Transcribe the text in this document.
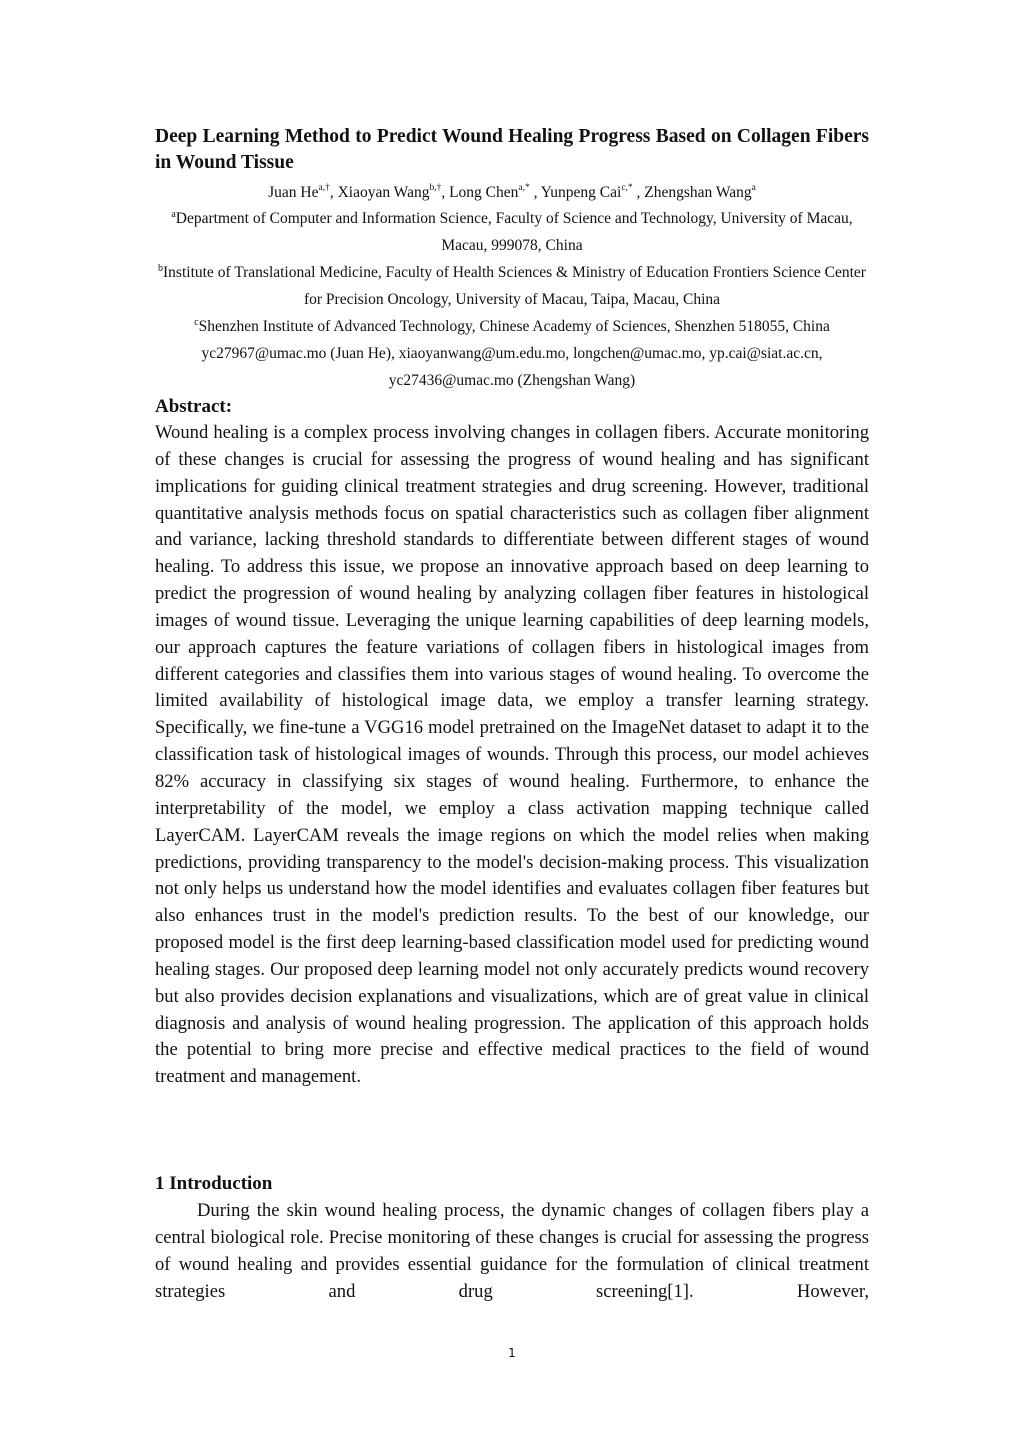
Deep Learning Method to Predict Wound Healing Progress Based on Collagen Fibers in Wound Tissue
Juan $He^{a,\dagger}$, Xiaoyan Wang$^{b,\dagger}$, Long Chen$^{a,*}$ , Yunpeng Cai$^{c,*}$ , Zhengshan Wang$^a$
$^a$Department of Computer and Information Science, Faculty of Science and Technology, University of Macau, Macau, 999078, China
$^b$Institute of Translational Medicine, Faculty of Health Sciences & Ministry of Education Frontiers Science Center for Precision Oncology, University of Macau, Taipa, Macau, China
$^c$Shenzhen Institute of Advanced Technology, Chinese Academy of Sciences, Shenzhen 518055, China
yc27967@umac.mo (Juan He), xiaoyanwang@um.edu.mo, longchen@umac.mo, yp.cai@siat.ac.cn, yc27436@umac.mo (Zhengshan Wang)
Abstract:

Wound healing is a complex process involving changes in collagen fibers. Accurate monitoring of these changes is crucial for assessing the progress of wound healing and has significant implications for guiding clinical treatment strategies and drug screening. However, traditional quantitative analysis methods focus on spatial characteristics such as collagen fiber alignment and variance, lacking threshold standards to differentiate between different stages of wound healing. To address this issue, we propose an innovative approach based on deep learning to predict the progression of wound healing by analyzing collagen fiber features in histological images of wound tissue. Leveraging the unique learning capabilities of deep learning models, our approach captures the feature variations of collagen fibers in histological images from different categories and classifies them into various stages of wound healing. To overcome the limited availability of histological image data, we employ a transfer learning strategy. Specifically, we fine-tune a VGG16 model pretrained on the ImageNet dataset to adapt it to the classification task of histological images of wounds. Through this process, our model achieves 82% accuracy in classifying six stages of wound healing. Furthermore, to enhance the interpretability of the model, we employ a class activation mapping technique called LayerCAM. LayerCAM reveals the image regions on which the model relies when making predictions, providing transparency to the model's decision-making process. This visualization not only helps us understand how the model identifies and evaluates collagen fiber features but also enhances trust in the model's prediction results. To the best of our knowledge, our proposed model is the first deep learning-based classification model used for predicting wound healing stages. Our proposed deep learning model not only accurately predicts wound recovery but also provides decision explanations and visualizations, which are of great value in clinical diagnosis and analysis of wound healing progression. The application of this approach holds the potential to bring more precise and effective medical practices to the field of wound treatment and management.

1 Introduction

During the skin wound healing process, the dynamic changes of collagen fibers play a central biological role. Precise monitoring of these changes is crucial for assessing the progress of wound healing and provides essential guidance for the formulation of clinical treatment strategies and drug screening[1]. However,

1
